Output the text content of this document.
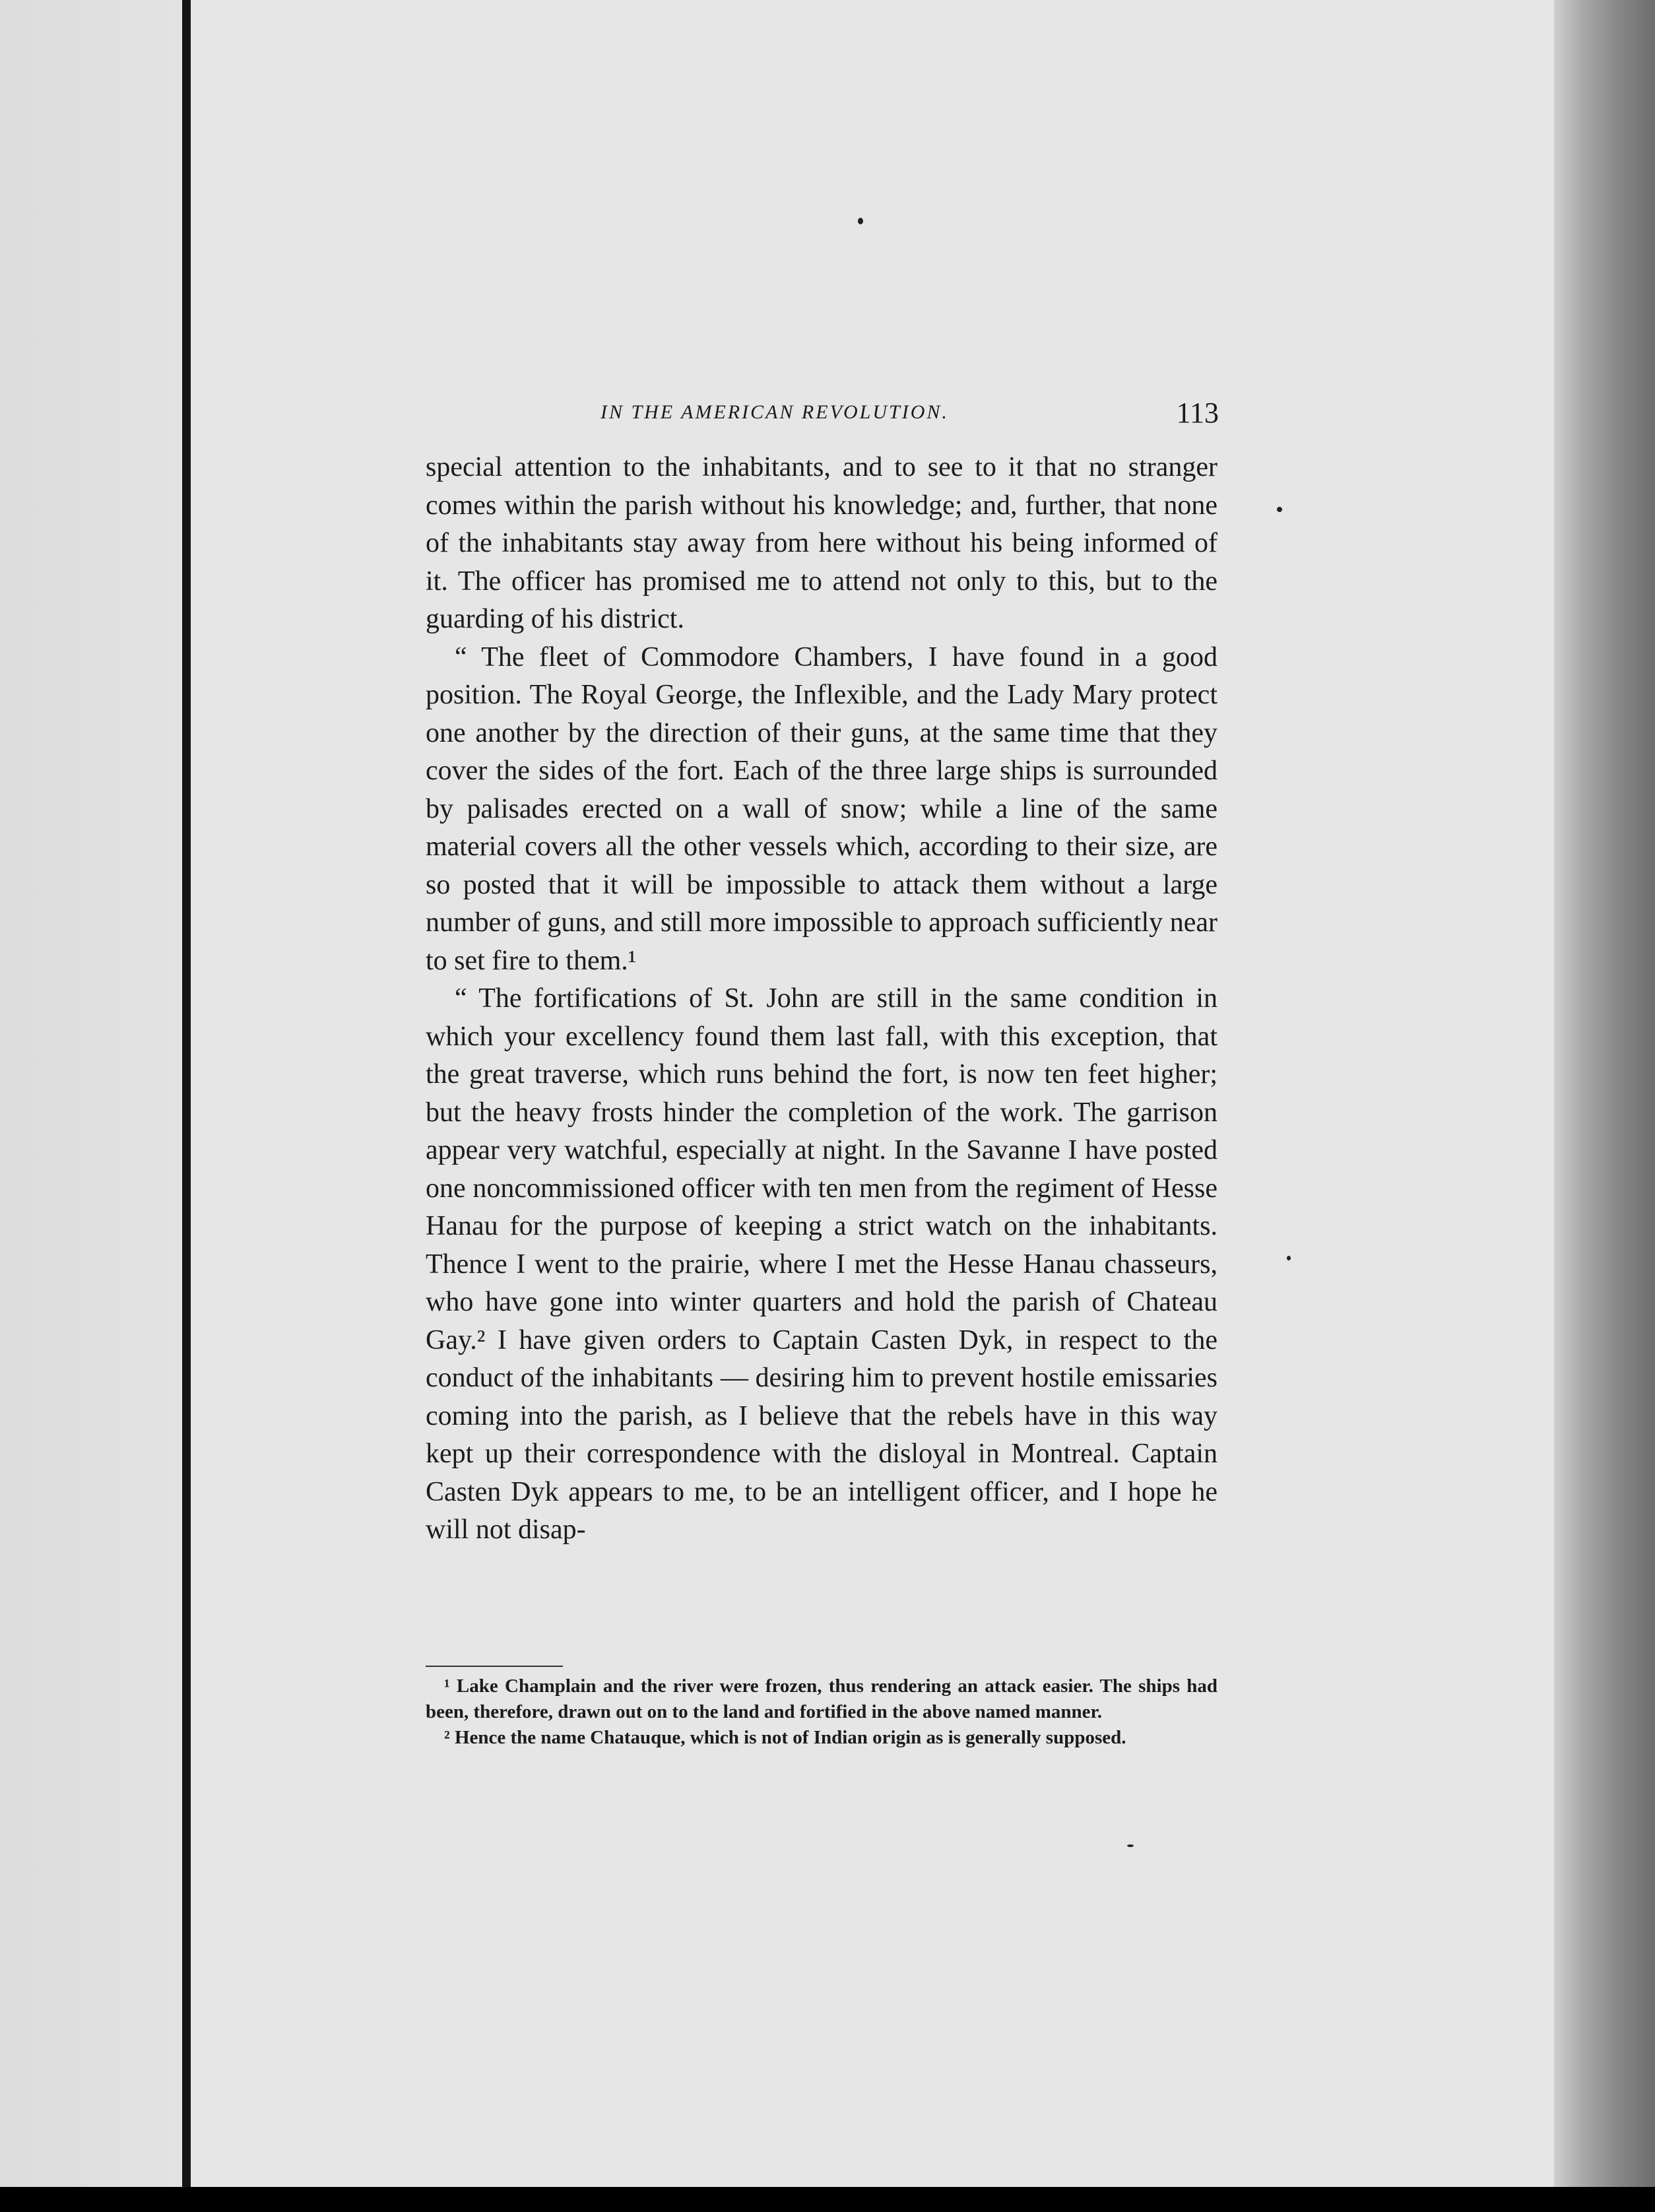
IN THE AMERICAN REVOLUTION.	113

special attention to the inhabitants, and to see to it that no stranger comes within the parish without his knowledge; and, further, that none of the inhabitants stay away from here without his being informed of it. The officer has promised me to attend not only to this, but to the guarding of his district.

“ The fleet of Commodore Chambers, I have found in a good position. The Royal George, the Inflexible, and the Lady Mary protect one another by the direction of their guns, at the same time that they cover the sides of the fort. Each of the three large ships is surrounded by palisades erected on a wall of snow; while a line of the same material covers all the other vessels which, according to their size, are so posted that it will be impossible to attack them without a large number of guns, and still more impossible to approach sufficiently near to set fire to them.¹

“ The fortifications of St. John are still in the same condition in which your excellency found them last fall, with this exception, that the great traverse, which runs behind the fort, is now ten feet higher; but the heavy frosts hinder the completion of the work. The garrison appear very watchful, especially at night. In the Savanne I have posted one noncommissioned officer with ten men from the regiment of Hesse Hanau for the purpose of keeping a strict watch on the inhabitants. Thence I went to the prairie, where I met the Hesse Hanau chasseurs, who have gone into winter quarters and hold the parish of Chateau Gay.² I have given orders to Captain Casten Dyk, in respect to the conduct of the inhabitants — desiring him to prevent hostile emissaries coming into the parish, as I believe that the rebels have in this way kept up their correspondence with the disloyal in Montreal. Captain Casten Dyk appears to me, to be an intelligent officer, and I hope he will not disap-

¹ Lake Champlain and the river were frozen, thus rendering an attack easier. The ships had been, therefore, drawn out on to the land and fortified in the above named manner.

² Hence the name Chatauque, which is not of Indian origin as is generally supposed.
